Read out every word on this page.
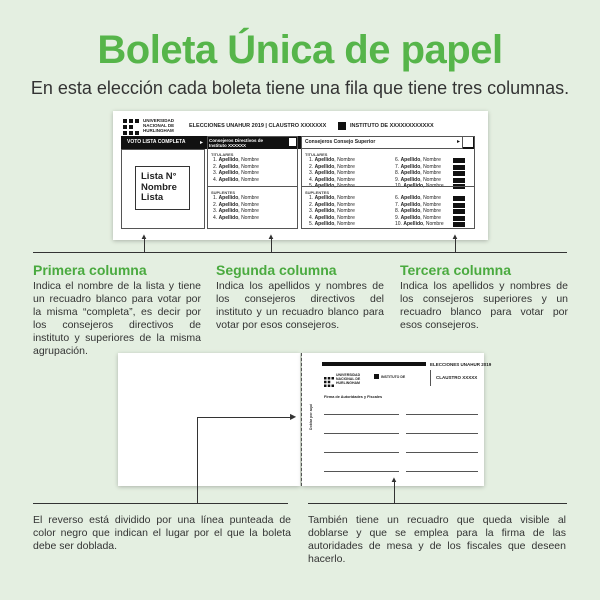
Boleta Única de papel
En esta elección cada boleta tiene una fila que tiene tres columnas.
UNIVERSIDAD
NACIONAL DE
HURLINGHAM
ELECCIONES UNAHUR 2019 | CLAUSTRO XXXXXXX	INSTITUTO DE XXXXXXXXXXXX
VOTO LISTA COMPLETA ▸
Lista N° Nombre Lista
Consejeros Directivos de Instituto XXXXXX
TITULARES
1. Apellido, Nombre
2. Apellido, Nombre
3. Apellido, Nombre
4. Apellido, Nombre
SUPLENTES
1. Apellido, Nombre
2. Apellido, Nombre
3. Apellido, Nombre
4. Apellido, Nombre
Consejeros Consejo Superior	▸
TITULARES
1. Apellido, Nombre
2. Apellido, Nombre
3. Apellido, Nombre
4. Apellido, Nombre
6. Apellido, Nombre
7. Apellido, Nombre
8. Apellido, Nombre
9. Apellido, Nombre
SUPLENTES
1. Apellido, Nombre
2. Apellido, Nombre
3. Apellido, Nombre
4. Apellido, Nombre
5. Apellido, Nombre
6. Apellido, Nombre
7. Apellido, Nombre
8. Apellido, Nombre
9. Apellido, Nombre
10. Apellido, Nombre
▲	▲	▲
Primera columna
Indica el nombre de la lista y tiene un recuadro blanco para votar por la misma “completa”, es decir por los consejeros directivos de instituto y superiores de la misma agrupación.
Segunda columna
Indica los apellidos y nombres de los consejeros directivos del instituto y un recuadro blanco para votar por esos consejeros.
Tercera columna
Indica los apellidos y nombres de los consejeros superiores y un recuadro blanco para votar por esos consejeros.
ELECCIONES UNAHUR 2019
UNIVERSIDAD
NACIONAL DE
HURLINGHAM
INSTITUTO DE	CLAUSTRO XXXXX
Firma de Autoridades y Fiscales
Doblar por aquí
▶
▲
El reverso está dividido por una línea punteada de color negro que indican el lugar por el que la boleta debe ser doblada.
También tiene un recuadro que queda visible al doblarse y que se emplea para la firma de las autoridades de mesa y de los fiscales que deseen hacerlo.
